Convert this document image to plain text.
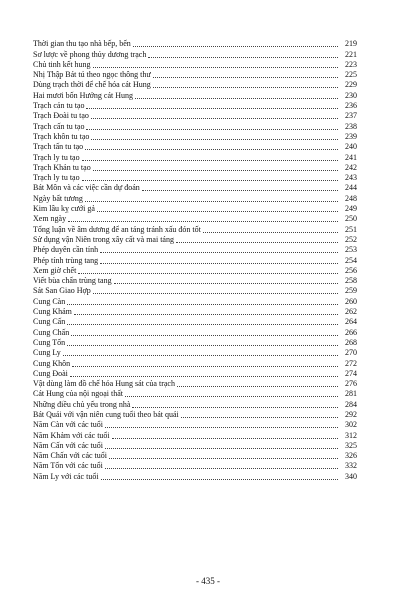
Thời gian thu tạo nhà bếp, bến	219
Sơ lược về phong thủy dương trạch	221
Chủ tinh kết hung	223
Nhị Thập Bát tú theo ngọc thông thư	225
Dùng trạch thời để chế hóa cát Hung	229
Hai mươi bốn Hướng cát Hung	230
Trạch cản tu tạo	236
Trạch Đoài tu tạo	237
Trạch cấn tu tạo	238
Trạch khôn tu tạo	239
Trạch tấn tu tạo	240
Trạch ly tu tạo	241
Trạch Khản tu tạo	242
Trạch ly tu tạo	243
Bát Môn và các việc cần dự đoán	244
Ngày bất tương	248
Kim lâu kỵ cưới gả	249
Xem ngày	250
Tổng luận về âm dương để an táng tránh xấu đón tốt	251
Sử dụng vận Niên trong xây cất và mai táng	252
Phép duyên cần tính	253
Phép tính trùng tang	254
Xem giờ chết	256
Viết bùa chấn trùng tang	258
Sát San Giao Hợp	259
Cung Càn	260
Cung Khảm	262
Cung Cấn	264
Cung Chấn	266
Cung Tốn	268
Cung Ly	270
Cung Khôn	272
Cung Đoài	274
Vật dùng làm đồ chế hóa Hung sát của trạch	276
Cát Hung của nội ngoại thất	281
Những điều chủ yếu trong nhà	284
Bát Quái với vận niên cung tuổi theo bát quái	292
Năm Càn với các tuổi	302
Năm Khảm với các tuổi	312
Năm Cấn với các tuổi	325
Năm Chấn với các tuổi	326
Năm Tốn với các tuổi	332
Năm Ly với các tuổi	340
- 435 -
